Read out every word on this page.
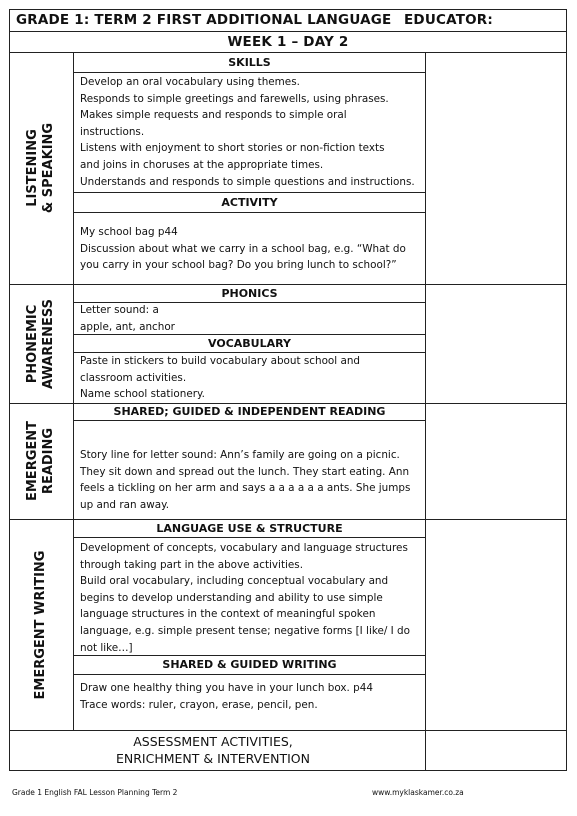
GRADE 1: TERM 2 FIRST ADDITIONAL LANGUAGE EDUCATOR:
WEEK 1 – DAY 2
LISTENING & SPEAKING
SKILLS
Develop an oral vocabulary using themes.
Responds to simple greetings and farewells, using phrases.
Makes simple requests and responds to simple oral
instructions.
Listens with enjoyment to short stories or non-fiction texts
and joins in choruses at the appropriate times.
Understands and responds to simple questions and instructions.
ACTIVITY
My school bag p44
Discussion about what we carry in a school bag, e.g. “What do
you carry in your school bag? Do you bring lunch to school?”
PHONEMIC AWARENESS
PHONICS
Letter sound: a
apple, ant, anchor
VOCABULARY
Paste in stickers to build vocabulary about school and
classroom activities.
Name school stationery.
EMERGENT READING
SHARED; GUIDED & INDEPENDENT READING
Story line for letter sound: Ann’s family are going on a picnic.
They sit down and spread out the lunch. They start eating. Ann
feels a tickling on her arm and says a a a a a a ants. She jumps
up and ran away.
EMERGENT WRITING
LANGUAGE USE & STRUCTURE
Development of concepts, vocabulary and language structures
through taking part in the above activities.
Build oral vocabulary, including conceptual vocabulary and
begins to develop understanding and ability to use simple
language structures in the context of meaningful spoken
language, e.g. simple present tense; negative forms [I like/ I do
not like…]
SHARED & GUIDED WRITING
Draw one healthy thing you have in your lunch box. p44
Trace words: ruler, crayon, erase, pencil, pen.
ASSESSMENT ACTIVITIES,
ENRICHMENT & INTERVENTION
Grade 1 English FAL Lesson Planning Term 2	www.myklaskamer.co.za
